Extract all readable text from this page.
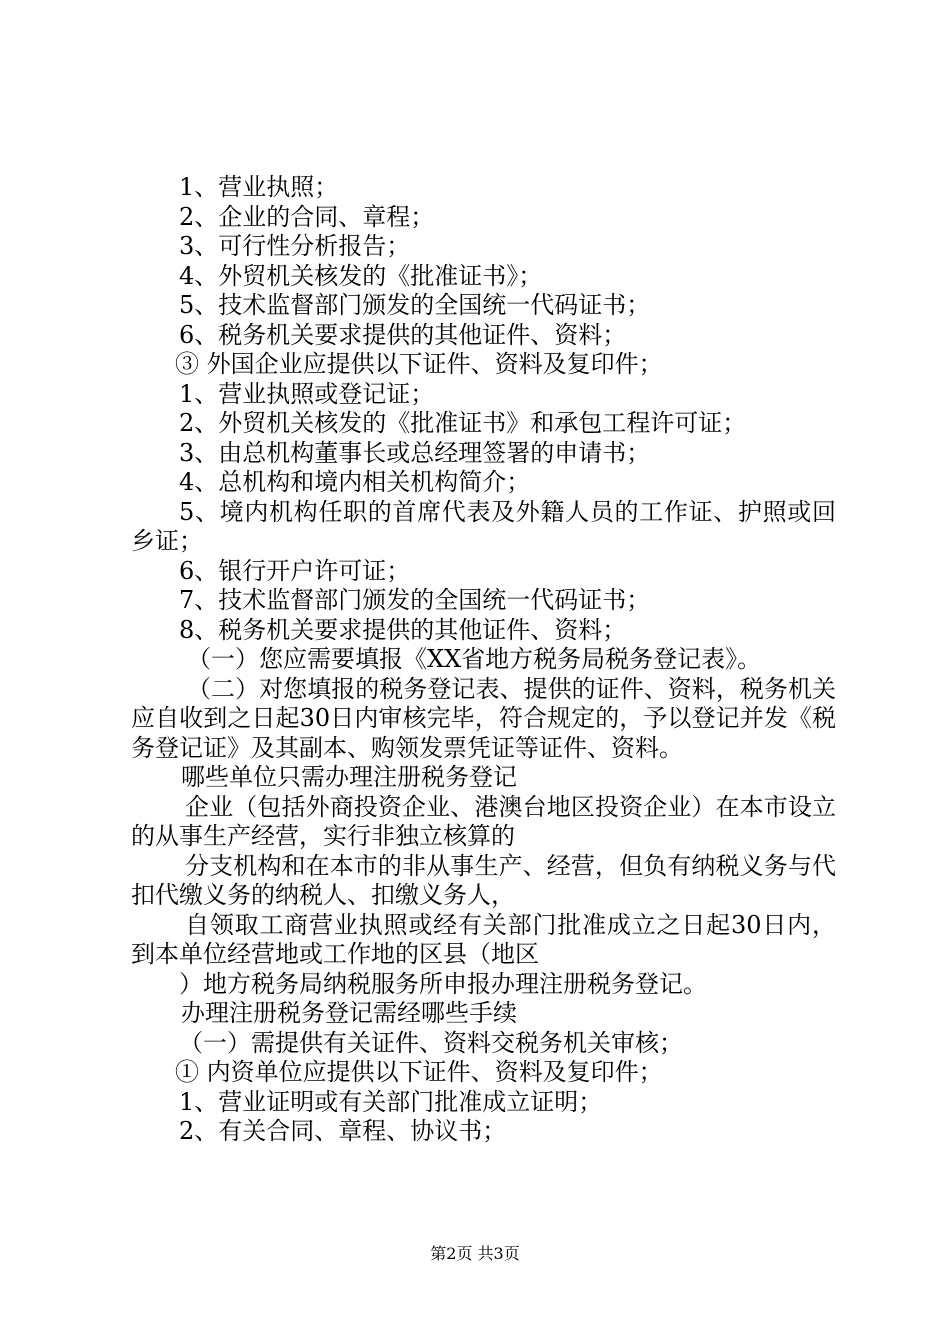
1、营业执照；
2、企业的合同、章程；
3、可行性分析报告；
4、外贸机关核发的《批准证书》；
5、技术监督部门颁发的全国统一代码证书；
6、税务机关要求提供的其他证件、资料；
③ 外国企业应提供以下证件、资料及复印件；
1、营业执照或登记证；
2、外贸机关核发的《批准证书》和承包工程许可证；
3、由总机构董事长或总经理签署的申请书；
4、总机构和境内相关机构简介；
5、境内机构任职的首席代表及外籍人员的工作证、护照或回乡证；
6、银行开户许可证；
7、技术监督部门颁发的全国统一代码证书；
8、税务机关要求提供的其他证件、资料；
（一）您应需要填报《XX省地方税务局税务登记表》。
（二）对您填报的税务登记表、提供的证件、资料，税务机关应自收到之日起30日内审核完毕，符合规定的，予以登记并发《税务登记证》及其副本、购领发票凭证等证件、资料。
哪些单位只需办理注册税务登记
企业（包括外商投资企业、港澳台地区投资企业）在本市设立的从事生产经营，实行非独立核算的
分支机构和在本市的非从事生产、经营，但负有纳税义务与代扣代缴义务的纳税人、扣缴义务人，
自领取工商营业执照或经有关部门批准成立之日起30日内，到本单位经营地或工作地的区县（地区
）地方税务局纳税服务所申报办理注册税务登记。
办理注册税务登记需经哪些手续
（一）需提供有关证件、资料交税务机关审核；
① 内资单位应提供以下证件、资料及复印件；
1、营业证明或有关部门批准成立证明；
2、有关合同、章程、协议书；
第2页 共3页
